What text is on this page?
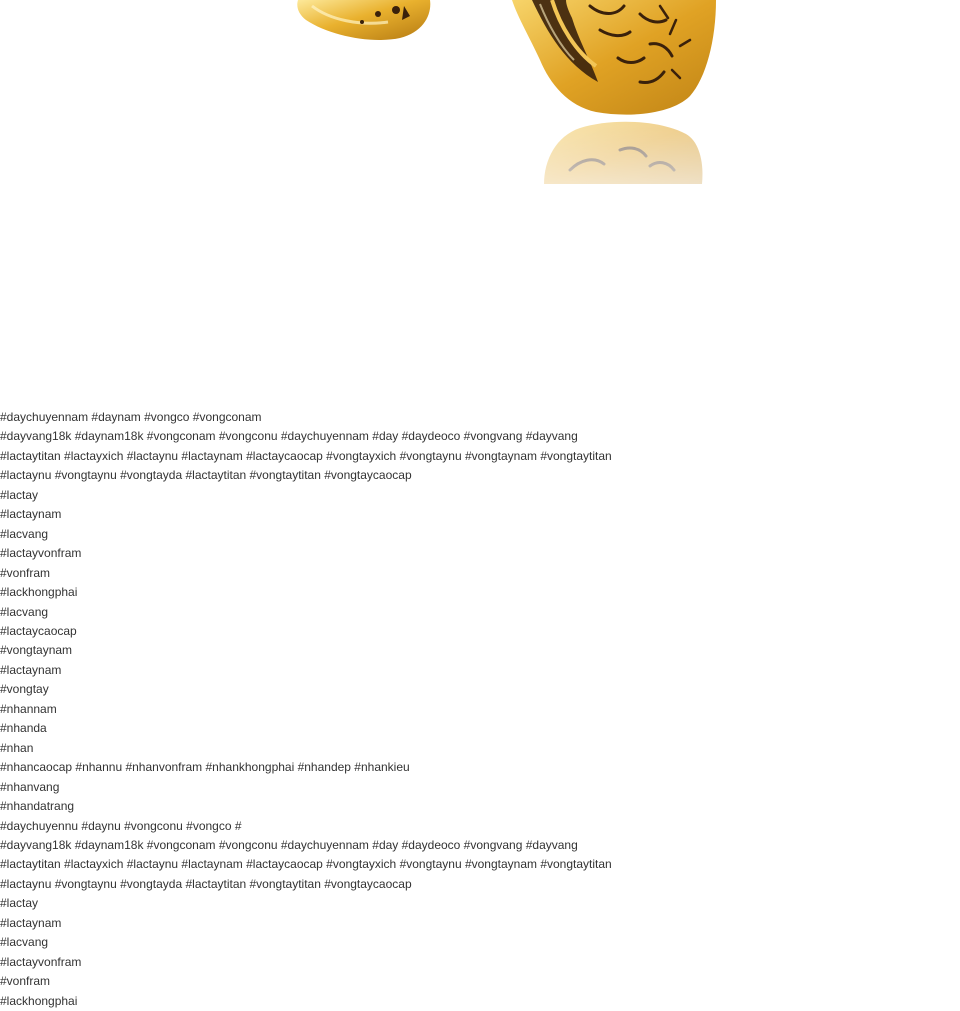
#daychuyennam #daynam #vongco #vongconam
#dayvang18k #daynam18k #vongconam #vongconu #daychuyennam #day #daydeoco #vongvang #dayvang
#lactaytitan #lactayxich #lactaynu #lactaynam #lactaycaocap #vongtayxich #vongtaynu #vongtaynam #vongtaytitan
#lactaynu #vongtaynu #vongtayda #lactaytitan #vongtaytitan #vongtaycaocap
#lactay
#lactaynam
#lacvang
#lactayvonfram
#vonfram
#lackhongphai
#lacvang
#lactaycaocap
#vongtaynam
#lactaynam
#vongtay
#nhannam
#nhanda
#nhan
#nhancaocap #nhannu #nhanvonfram #nhankhongphai #nhandep #nhankieu
#nhanvang
#nhandatrang
#daychuyennu #daynu #vongconu #vongco #
#dayvang18k #daynam18k #vongconam #vongconu #daychuyennam #day #daydeoco #vongvang #dayvang
#lactaytitan #lactayxich #lactaynu #lactaynam #lactaycaocap #vongtayxich #vongtaynu #vongtaynam #vongtaytitan
#lactaynu #vongtaynu #vongtayda #lactaytitan #vongtaytitan #vongtaycaocap
#lactay
#lactaynam
#lacvang
#lactayvonfram
#vonfram
#lackhongphai
